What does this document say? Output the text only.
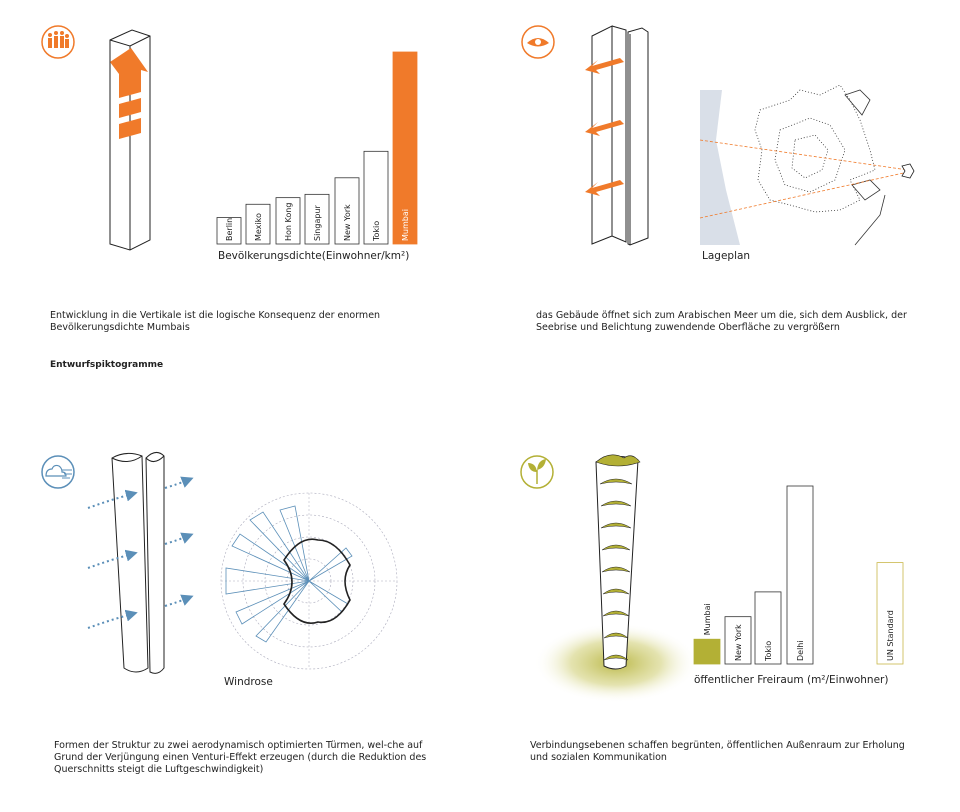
Berlin	Mexiko	Hon Kong	Singapur	New York	Tokio	Mumbai
Mumbai
New York	Tokio	Delhi	UN Standard
Bevölkerungsdichte(Einwohner/km²)
Entwicklung in die Vertikale ist die logische Konsequenz der enormen Bevölkerungsdichte Mumbais
Entwurfspiktogramme
Lageplan
das Gebäude öffnet sich zum Arabischen Meer um die, sich dem Ausblick, der Seebrise und Belichtung zuwendende Oberfläche zu vergrößern
Windrose
Formen der Struktur zu zwei aerodynamisch optimierten Türmen, wel-che auf Grund der Verjüngung einen Venturi-Effekt erzeugen (durch die Reduktion des Querschnitts steigt die Luftgeschwindigkeit)
öffentlicher Freiraum (m²/Einwohner)
Verbindungsebenen schaffen begrünten, öffentlichen Außenraum zur Erholung und sozialen Kommunikation
